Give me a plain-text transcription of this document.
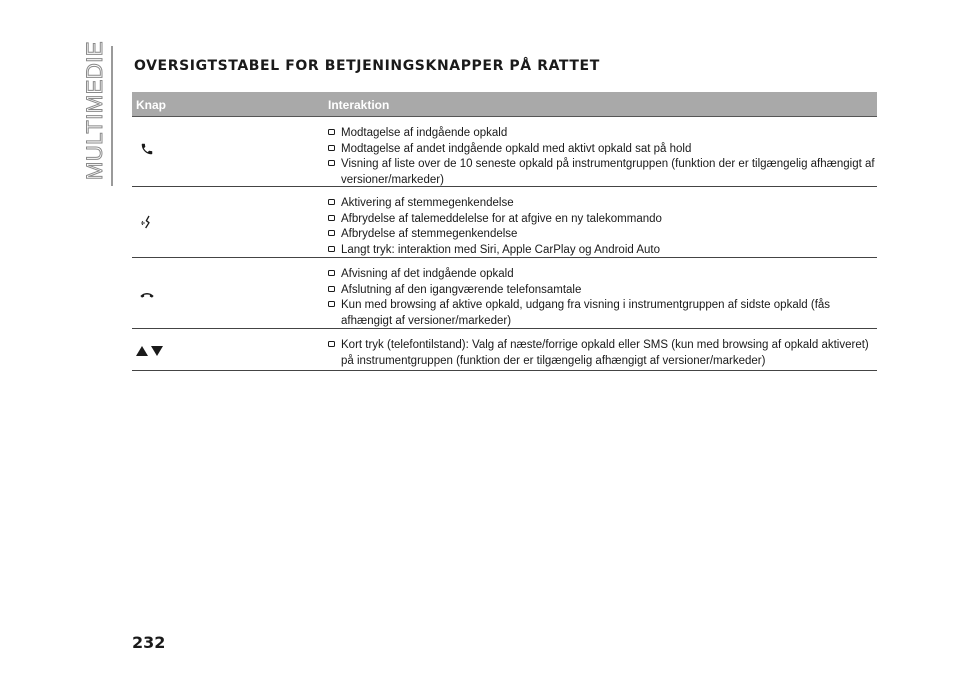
MULTIMEDIE OVERSIGTSTABEL FOR BETJENINGSKNAPPER PÅ RATTET
Knap	Interaktion
Modtagelse af indgående opkald
Modtagelse af andet indgående opkald med aktivt opkald sat på hold
Visning af liste over de 10 seneste opkald på instrumentgruppen (funktion der er tilgængelig afhængigt af versioner/markeder)
Aktivering af stemmegenkendelse
Afbrydelse af talemeddelelse for at afgive en ny talekommando
Afbrydelse af stemmegenkendelse
Langt tryk: interaktion med Siri, Apple CarPlay og Android Auto
Afvisning af det indgående opkald
Afslutning af den igangværende telefonsamtale
Kun med browsing af aktive opkald, udgang fra visning i instrumentgruppen af sidste opkald (fås afhængigt af versioner/markeder)
Kort tryk (telefontilstand): Valg af næste/forrige opkald eller SMS (kun med browsing af opkald aktiveret) på instrumentgruppen (funktion der er tilgængelig afhængigt af versioner/markeder)
232
